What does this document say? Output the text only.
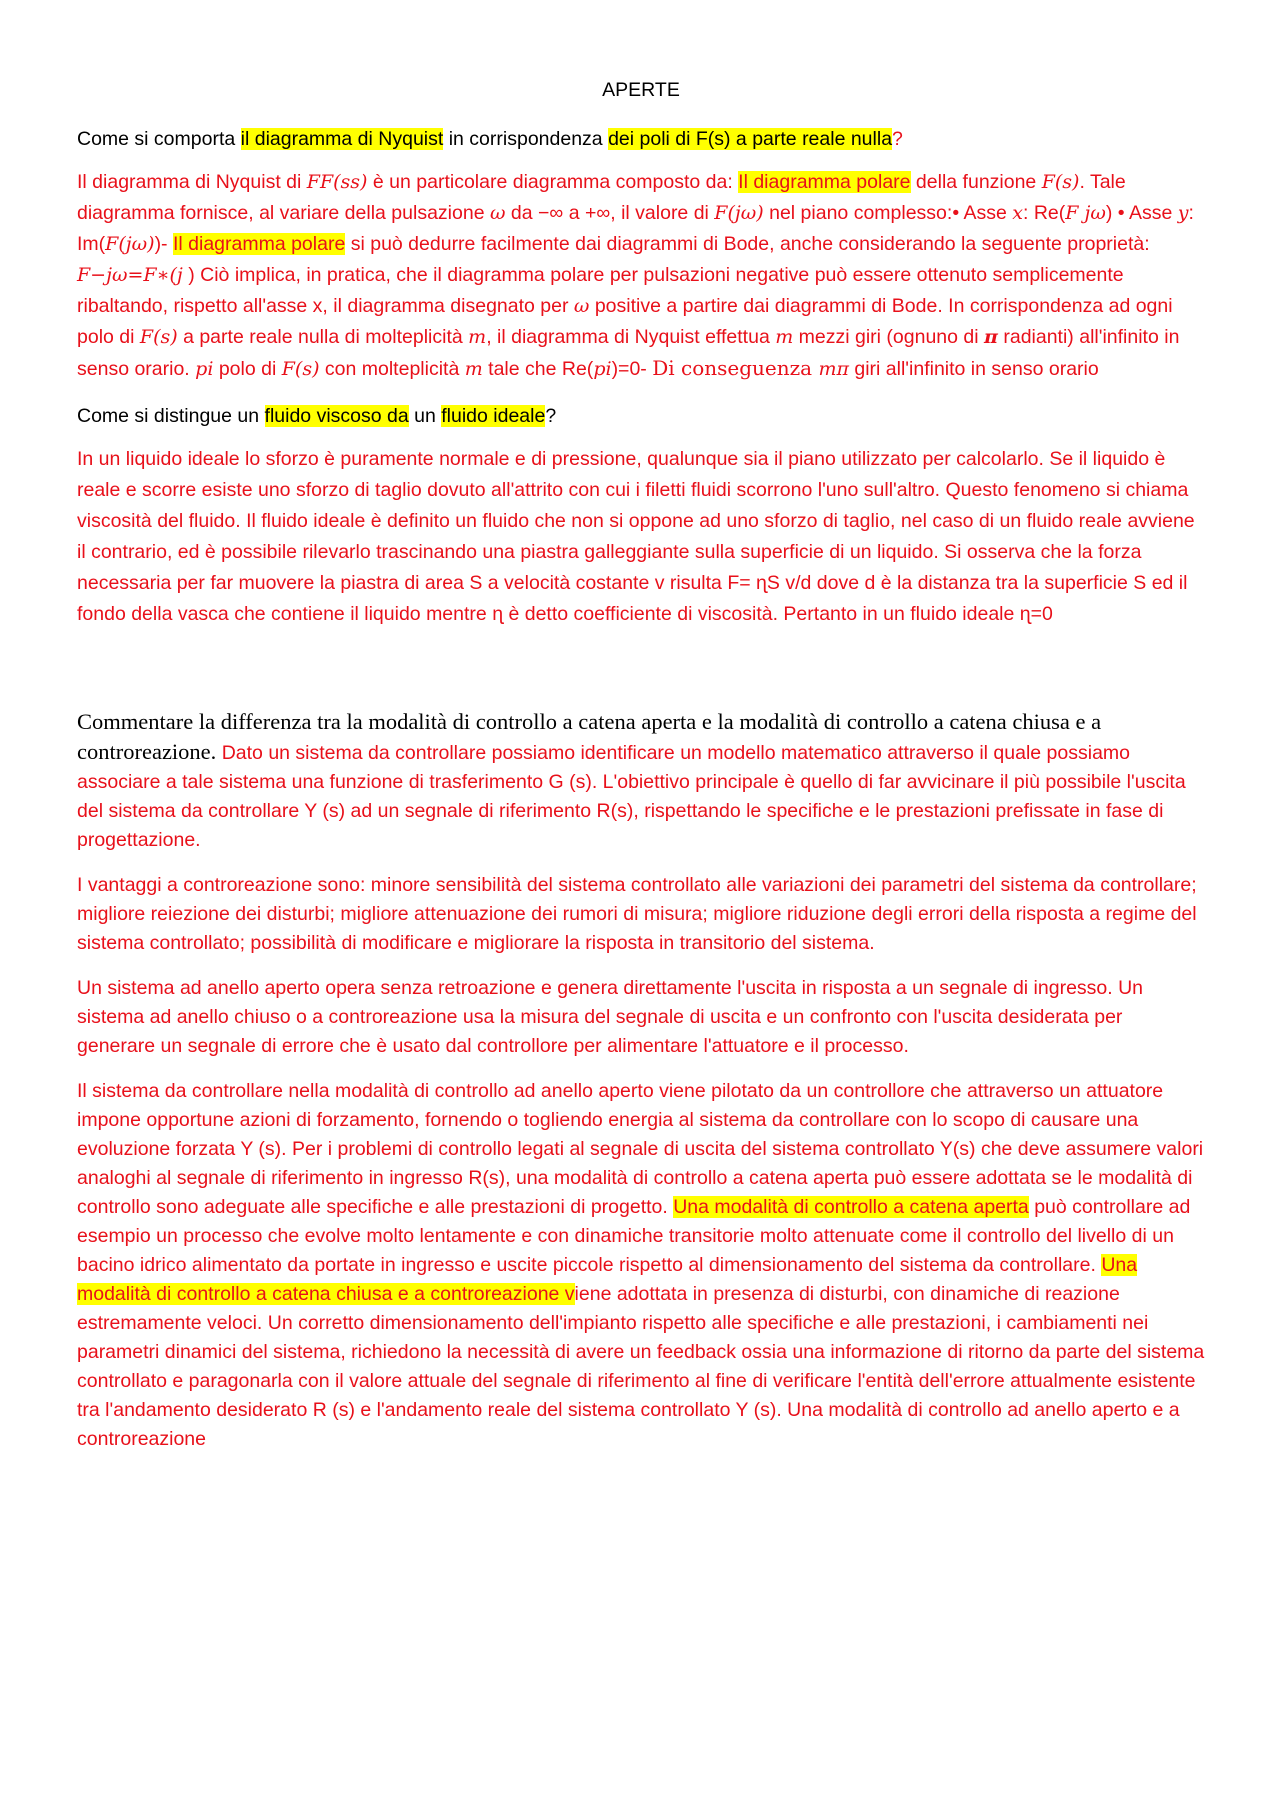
APERTE

Come si comporta il diagramma di Nyquist in corrispondenza dei poli di F(s) a parte reale nulla?

Il diagramma di Nyquist di FF(ss) è un particolare diagramma composto da: Il diagramma polare della funzione F(s). Tale diagramma fornisce, al variare della pulsazione ω da −∞ a +∞, il valore di F(jω) nel piano complesso:• Asse x: Re(F jω) • Asse y: Im(F(jω))- Il diagramma polare si può dedurre facilmente dai diagrammi di Bode, anche considerando la seguente proprietà: F−jω=F∗(j ) Ciò implica, in pratica, che il diagramma polare per pulsazioni negative può essere ottenuto semplicemente ribaltando, rispetto all'asse x, il diagramma disegnato per ω positive a partire dai diagrammi di Bode. In corrispondenza ad ogni polo di F(s) a parte reale nulla di molteplicità m, il diagramma di Nyquist effettua m mezzi giri (ognuno di π radianti) all'infinito in senso orario. pi polo di F(s) con molteplicità m tale che Re(pi)=0- Di conseguenza mπ giri all'infinito in senso orario

Come si distingue un fluido viscoso da un fluido ideale?

In un liquido ideale lo sforzo è puramente normale e di pressione, qualunque sia il piano utilizzato per calcolarlo. Se il liquido è reale e scorre esiste uno sforzo di taglio dovuto all'attrito con cui i filetti fluidi scorrono l'uno sull'altro. Questo fenomeno si chiama viscosità del fluido. Il fluido ideale è definito un fluido che non si oppone ad uno sforzo di taglio, nel caso di un fluido reale avviene il contrario, ed è possibile rilevarlo trascinando una piastra galleggiante sulla superficie di un liquido. Si osserva che la forza necessaria per far muovere la piastra di area S a velocità costante v risulta F= ɳS v/d dove d è la distanza tra la superficie S ed il fondo della vasca che contiene il liquido mentre ɳ è detto coefficiente di viscosità. Pertanto in un fluido ideale ɳ=0

Commentare la differenza tra la modalità di controllo a catena aperta e la modalità di controllo a catena chiusa e a controreazione. Dato un sistema da controllare possiamo identificare un modello matematico attraverso il quale possiamo associare a tale sistema una funzione di trasferimento G (s). L'obiettivo principale è quello di far avvicinare il più possibile l'uscita del sistema da controllare Y (s) ad un segnale di riferimento R(s), rispettando le specifiche e le prestazioni prefissate in fase di progettazione.

I vantaggi a controreazione sono: minore sensibilità del sistema controllato alle variazioni dei parametri del sistema da controllare; migliore reiezione dei disturbi; migliore attenuazione dei rumori di misura; migliore riduzione degli errori della risposta a regime del sistema controllato; possibilità di modificare e migliorare la risposta in transitorio del sistema.

Un sistema ad anello aperto opera senza retroazione e genera direttamente l'uscita in risposta a un segnale di ingresso. Un sistema ad anello chiuso o a controreazione usa la misura del segnale di uscita e un confronto con l'uscita desiderata per generare un segnale di errore che è usato dal controllore per alimentare l'attuatore e il processo.

Il sistema da controllare nella modalità di controllo ad anello aperto viene pilotato da un controllore che attraverso un attuatore impone opportune azioni di forzamento, fornendo o togliendo energia al sistema da controllare con lo scopo di causare una evoluzione forzata Y (s). Per i problemi di controllo legati al segnale di uscita del sistema controllato Y(s) che deve assumere valori analoghi al segnale di riferimento in ingresso R(s), una modalità di controllo a catena aperta può essere adottata se le modalità di controllo sono adeguate alle specifiche e alle prestazioni di progetto. Una modalità di controllo a catena aperta può controllare ad esempio un processo che evolve molto lentamente e con dinamiche transitorie molto attenuate come il controllo del livello di un bacino idrico alimentato da portate in ingresso e uscite piccole rispetto al dimensionamento del sistema da controllare. Una modalità di controllo a catena chiusa e a controreazione viene adottata in presenza di disturbi, con dinamiche di reazione estremamente veloci. Un corretto dimensionamento dell'impianto rispetto alle specifiche e alle prestazioni, i cambiamenti nei parametri dinamici del sistema, richiedono la necessità di avere un feedback ossia una informazione di ritorno da parte del sistema controllato e paragonarla con il valore attuale del segnale di riferimento al fine di verificare l'entità dell'errore attualmente esistente tra l'andamento desiderato R (s) e l'andamento reale del sistema controllato Y (s). Una modalità di controllo ad anello aperto e a controreazione
